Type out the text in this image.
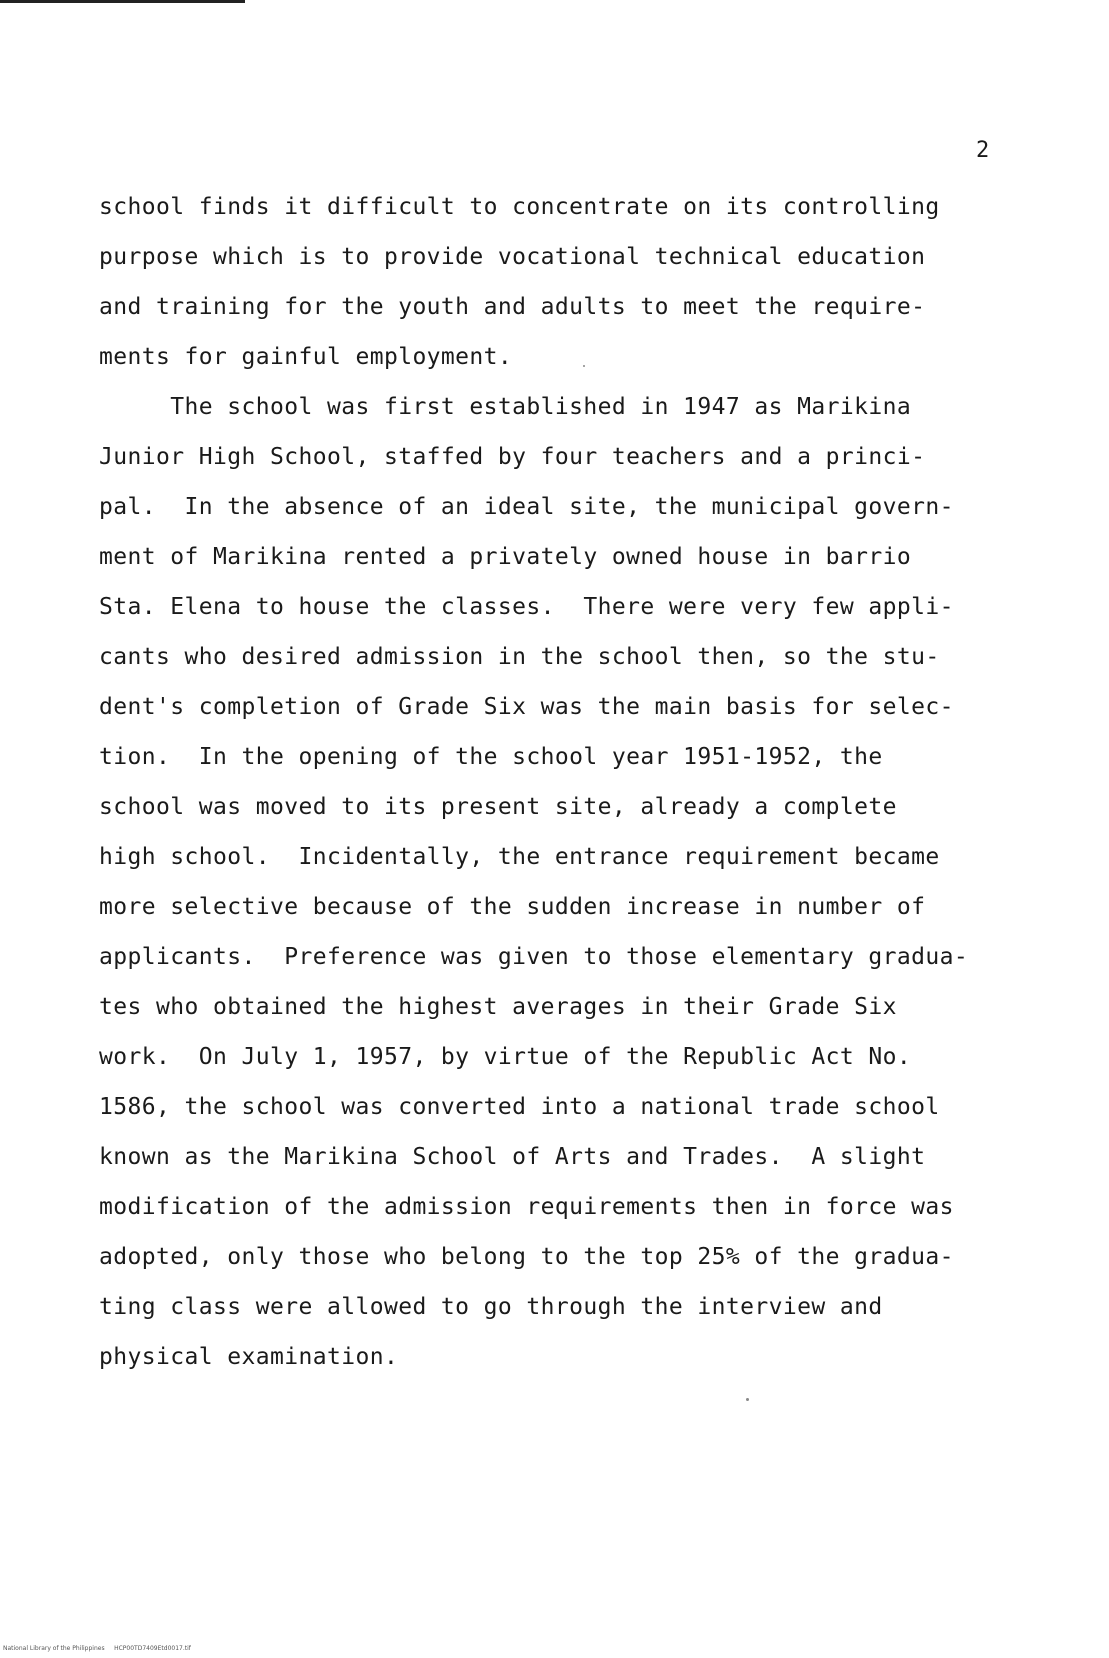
2
school finds it difficult to concentrate on its controlling
purpose which is to provide vocational technical education
and training for the youth and adults to meet the require-
ments for gainful employment.
The school was first established in 1947 as Marikina
Junior High School, staffed by four teachers and a princi-
pal.  In the absence of an ideal site, the municipal govern-
ment of Marikina rented a privately owned house in barrio
Sta. Elena to house the classes.  There were very few appli-
cants who desired admission in the school then, so the stu-
dent's completion of Grade Six was the main basis for selec-
tion.  In the opening of the school year 1951-1952, the
school was moved to its present site, already a complete
high school.  Incidentally, the entrance requirement became
more selective because of the sudden increase in number of
applicants.  Preference was given to those elementary gradua-
tes who obtained the highest averages in their Grade Six
work.  On July 1, 1957, by virtue of the Republic Act No.
1586, the school was converted into a national trade school
known as the Marikina School of Arts and Trades.  A slight
modification of the admission requirements then in force was
adopted, only those who belong to the top 25% of the gradua-
ting class were allowed to go through the interview and
physical examination.
National Library of the Philippines     HCP00TD7409Etd0017.tif
